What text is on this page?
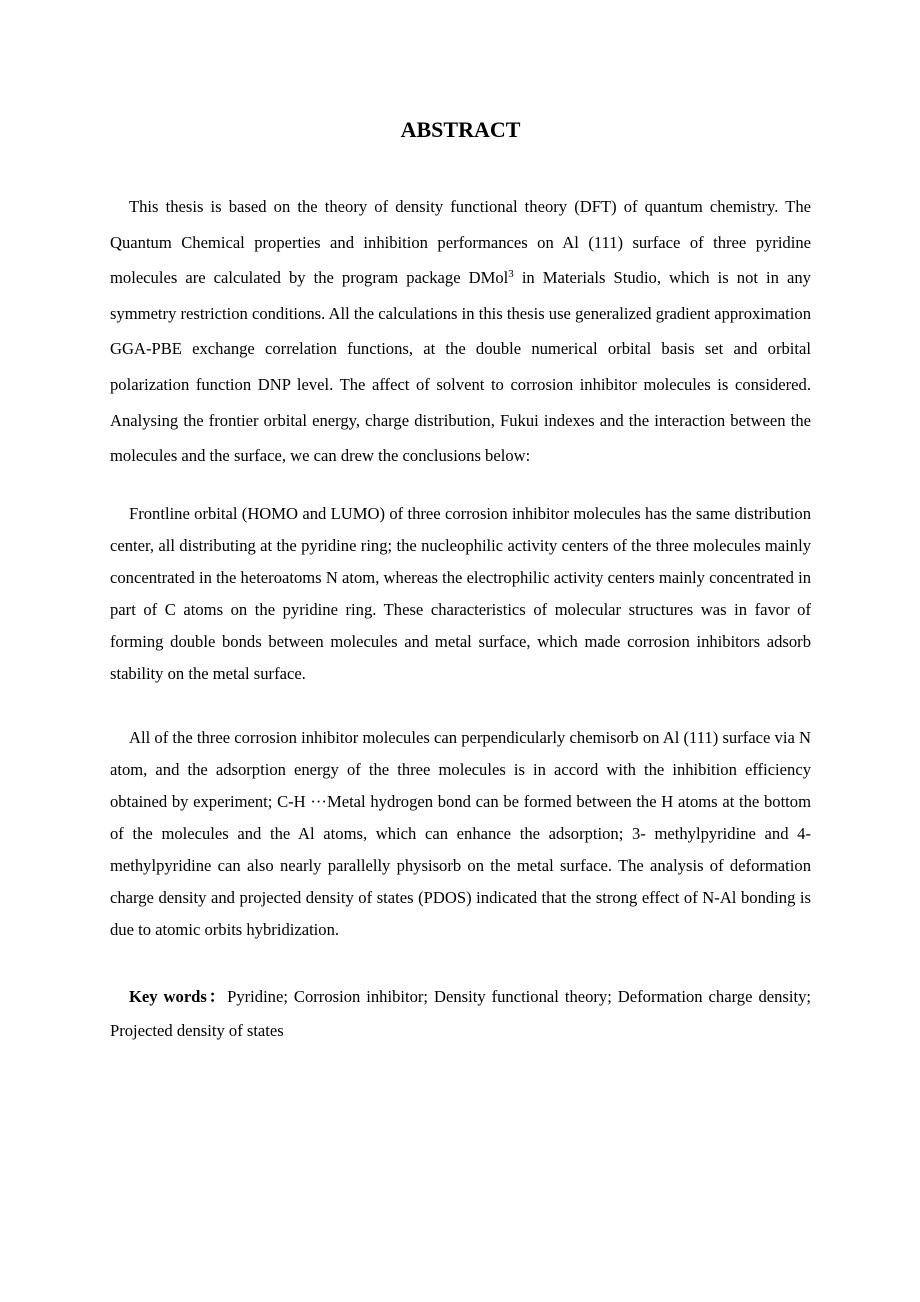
ABSTRACT

This thesis is based on the theory of density functional theory (DFT) of quantum chemistry. The Quantum Chemical properties and inhibition performances on Al (111) surface of three pyridine molecules are calculated by the program package DMol$^3$ in Materials Studio, which is not in any symmetry restriction conditions. All the calculations in this thesis use generalized gradient approximation GGA-PBE exchange correlation functions, at the double numerical orbital basis set and orbital polarization function DNP level. The affect of solvent to corrosion inhibitor molecules is considered. Analysing the frontier orbital energy, charge distribution, Fukui indexes and the interaction between the molecules and the surface, we can drew the conclusions below:

Frontline orbital (HOMO and LUMO) of three corrosion inhibitor molecules has the same distribution center, all distributing at the pyridine ring; the nucleophilic activity centers of the three molecules mainly concentrated in the heteroatoms N atom, whereas the electrophilic activity centers mainly concentrated in part of C atoms on the pyridine ring. These characteristics of molecular structures was in favor of forming double bonds between molecules and metal surface, which made corrosion inhibitors adsorb stability on the metal surface.

All of the three corrosion inhibitor molecules can perpendicularly chemisorb on Al (111) surface via N atom, and the adsorption energy of the three molecules is in accord with the inhibition efficiency obtained by experiment; C-H ···Metal hydrogen bond can be formed between the H atoms at the bottom of the molecules and the Al atoms, which can enhance the adsorption; 3- methylpyridine and 4- methylpyridine can also nearly parallelly physisorb on the metal surface. The analysis of deformation charge density and projected density of states (PDOS) indicated that the strong effect of N-Al bonding is due to atomic orbits hybridization.

Key words：Pyridine; Corrosion inhibitor; Density functional theory; Deformation charge density; Projected density of states
